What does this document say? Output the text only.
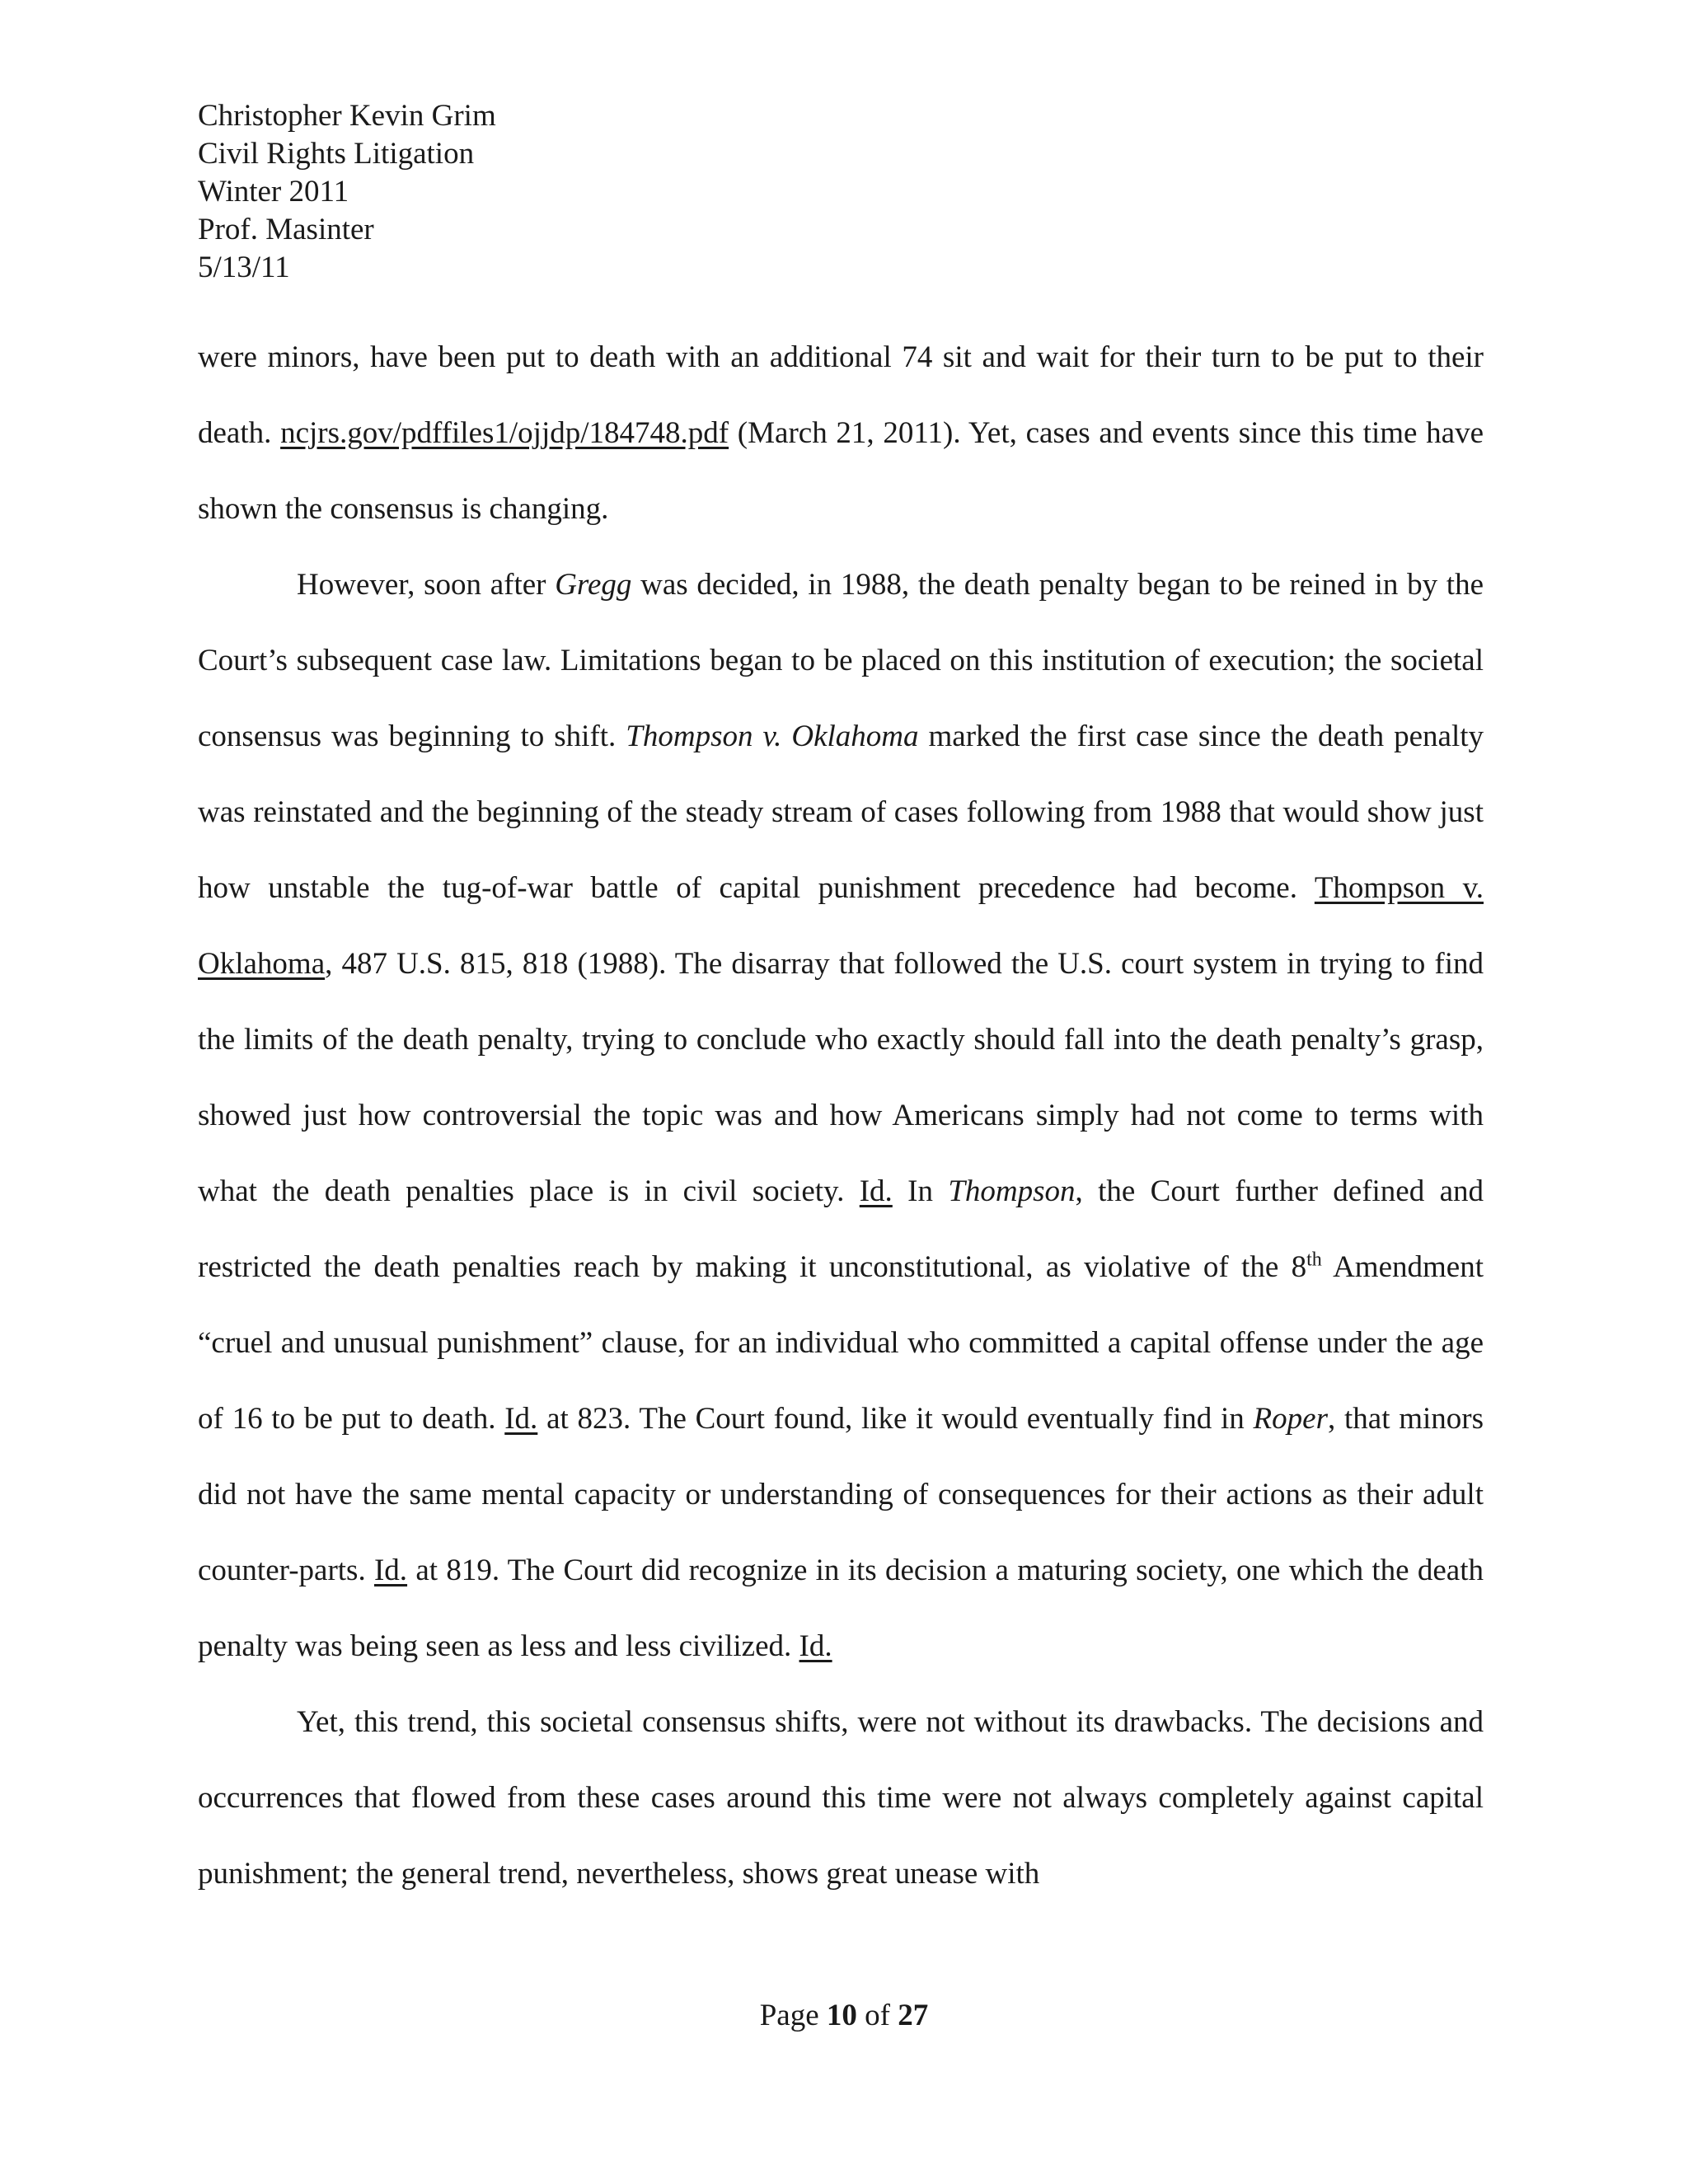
Christopher Kevin Grim
Civil Rights Litigation
Winter 2011
Prof. Masinter
5/13/11

were minors, have been put to death with an additional 74 sit and wait for their turn to be put to their death. ncjrs.gov/pdffiles1/ojjdp/184748.pdf (March 21, 2011). Yet, cases and events since this time have shown the consensus is changing.

However, soon after Gregg was decided, in 1988, the death penalty began to be reined in by the Court’s subsequent case law. Limitations began to be placed on this institution of execution; the societal consensus was beginning to shift. Thompson v. Oklahoma marked the first case since the death penalty was reinstated and the beginning of the steady stream of cases following from 1988 that would show just how unstable the tug-of-war battle of capital punishment precedence had become. Thompson v. Oklahoma, 487 U.S. 815, 818 (1988). The disarray that followed the U.S. court system in trying to find the limits of the death penalty, trying to conclude who exactly should fall into the death penalty’s grasp, showed just how controversial the topic was and how Americans simply had not come to terms with what the death penalties place is in civil society. Id. In Thompson, the Court further defined and restricted the death penalties reach by making it unconstitutional, as violative of the 8th Amendment “cruel and unusual punishment” clause, for an individual who committed a capital offense under the age of 16 to be put to death. Id. at 823. The Court found, like it would eventually find in Roper, that minors did not have the same mental capacity or understanding of consequences for their actions as their adult counter-parts. Id. at 819. The Court did recognize in its decision a maturing society, one which the death penalty was being seen as less and less civilized. Id.

Yet, this trend, this societal consensus shifts, were not without its drawbacks. The decisions and occurrences that flowed from these cases around this time were not always completely against capital punishment; the general trend, nevertheless, shows great unease with

Page 10 of 27
